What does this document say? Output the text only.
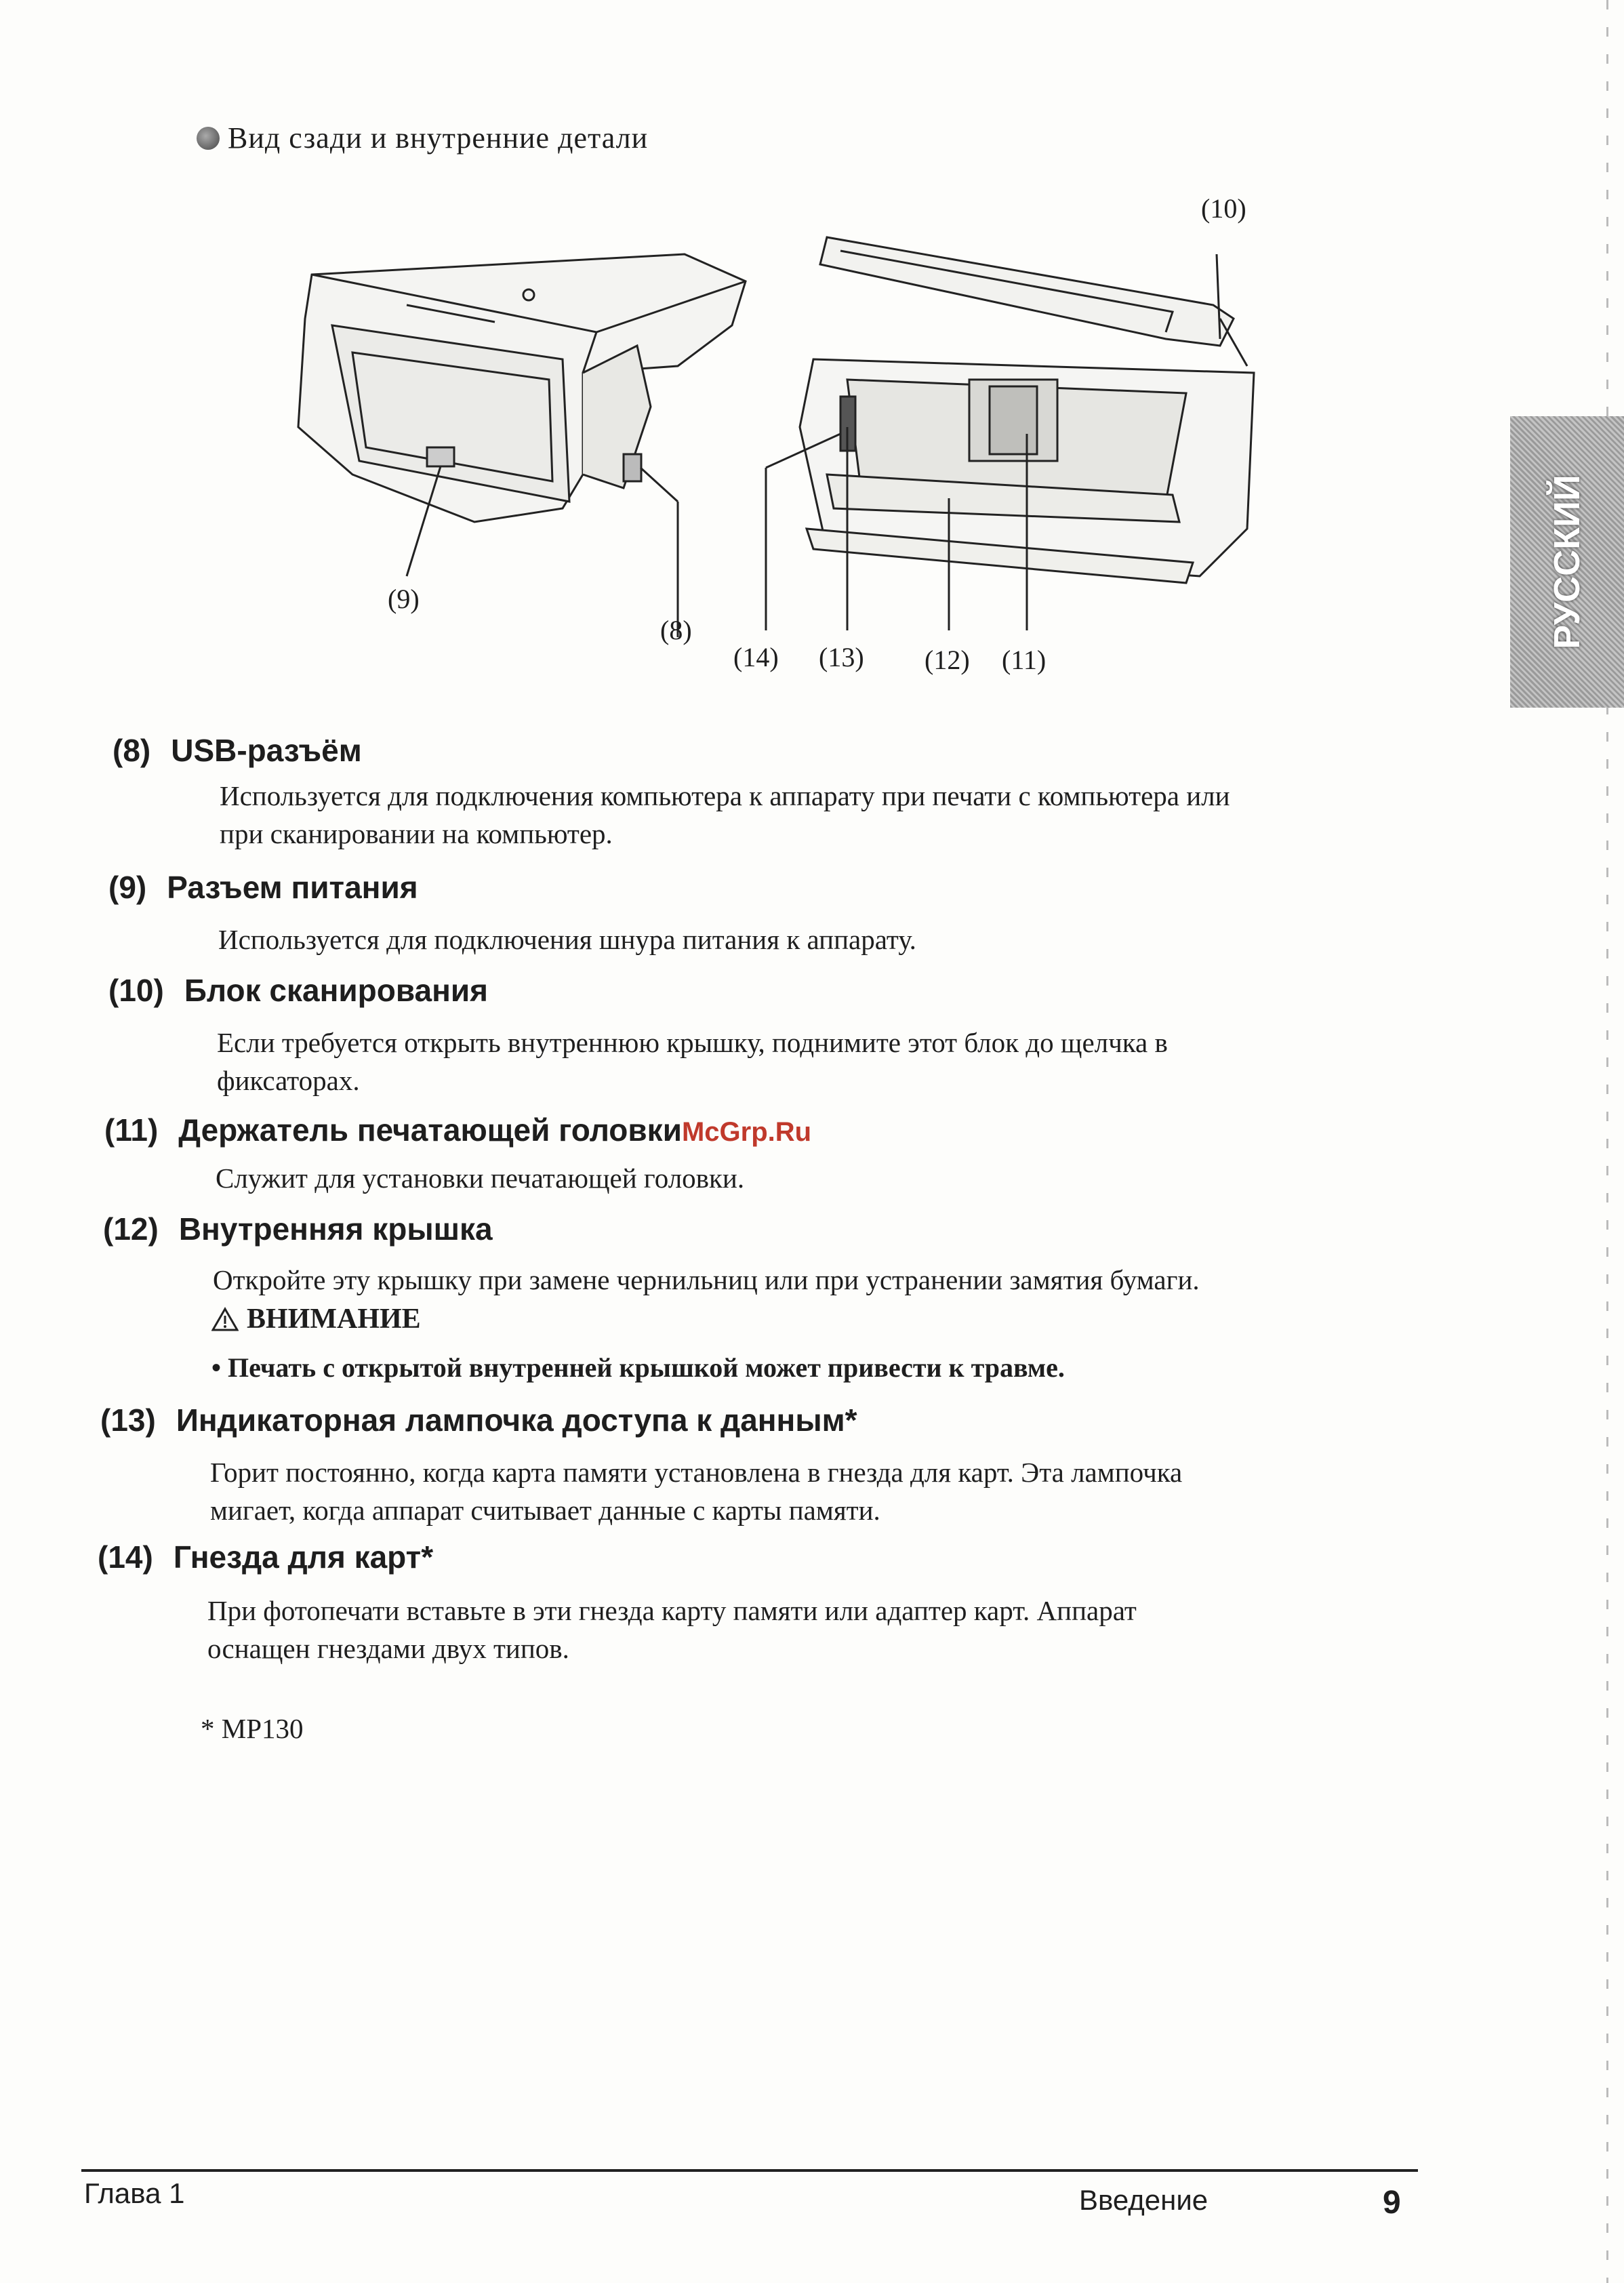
Вид сзади и внутренние детали
(9)
(8)
(10)
(14) (13) (12) (11)
РУССКИЙ
(8) USB-разъём
Используется для подключения компьютера к аппарату при печати с компьютера или
при сканировании на компьютер.
(9) Разъем питания
Используется для подключения шнура питания к аппарату.
(10) Блок сканирования
Если требуется открыть внутреннюю крышку, поднимите этот блок до щелчка в
фиксаторах.
(11) Держатель печатающей головкиMcGrp.Ru
Служит для установки печатающей головки.
(12) Внутренняя крышка
Откройте эту крышку при замене чернильниц или при устранении замятия бумаги.
ВНИМАНИЕ
• Печать с открытой внутренней крышкой может привести к травме.
(13) Индикаторная лампочка доступа к данным*
Горит постоянно, когда карта памяти установлена в гнезда для карт. Эта лампочка
мигает, когда аппарат считывает данные с карты памяти.
(14) Гнезда для карт*
При фотопечати вставьте в эти гнезда карту памяти или адаптер карт. Аппарат
оснащен гнездами двух типов.
* MP130
Глава 1	Введение	9
